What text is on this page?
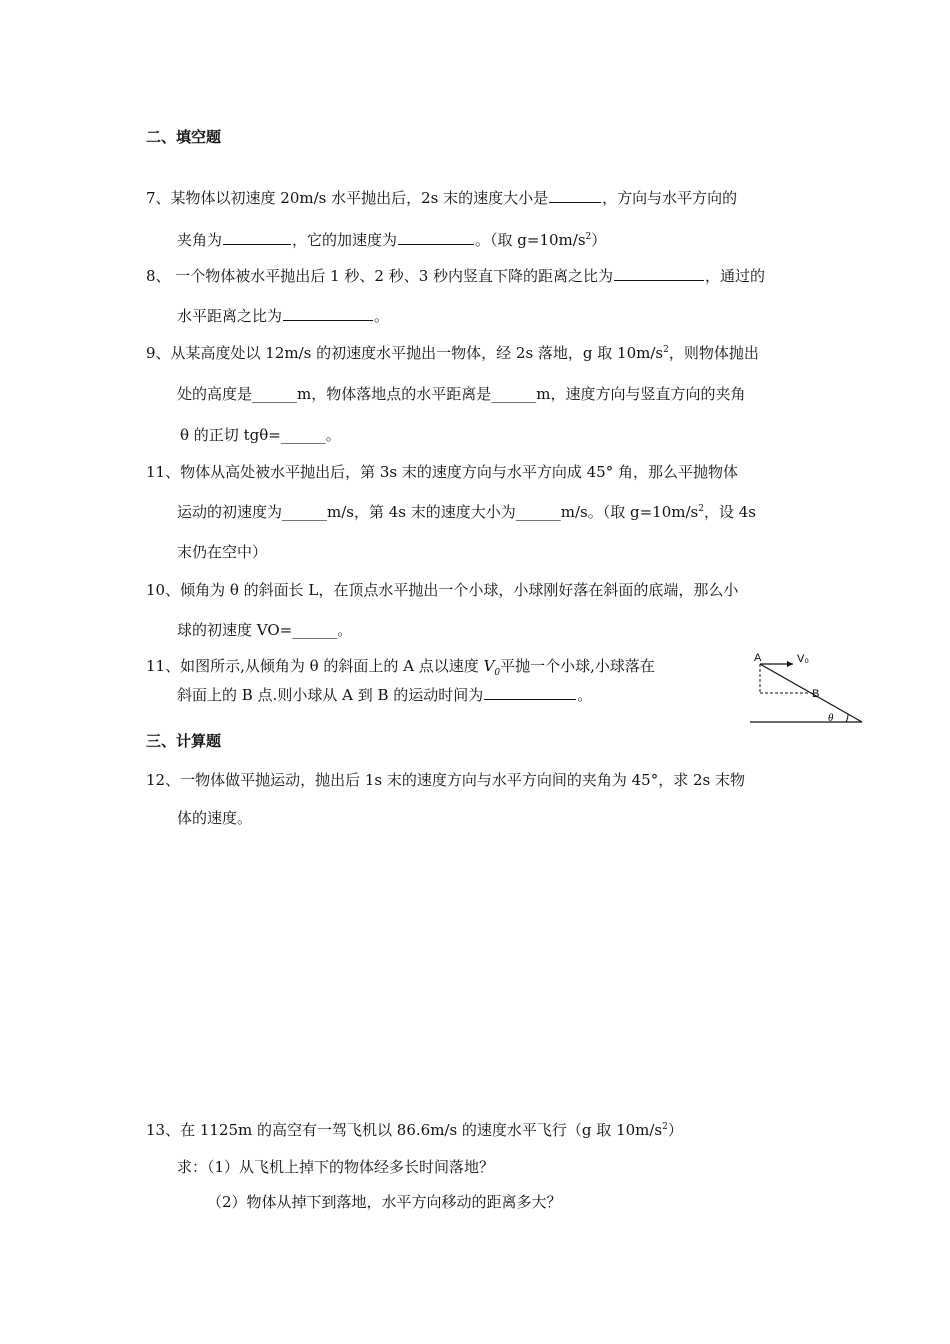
二、填空题
7、某物体以初速度 20m/s 水平抛出后，2s 末的速度大小是	，方向与水平方向的
夹角为	，它的加速度为	。（取 $g=10m/s^2$）
8、 一个物体被水平抛出后 1 秒、2 秒、3 秒内竖直下降的距离之比为	，通过的
水平距离之比为	。
9、从某高度处以 12m/s 的初速度水平抛出一物体，经 2s 落地，g 取 $10m/s^2$，则物体抛出
处的高度是______m，物体落地点的水平距离是______m，速度方向与竖直方向的夹角
θ 的正切 tgθ=______。
11、物体从高处被水平抛出后，第 3s 末的速度方向与水平方向成 45° 角，那么平抛物体
运动的初速度为______m/s，第 4s 末的速度大小为______m/s。（取 $g=10m/s^2$，设 4s
末仍在空中）
10、倾角为 θ 的斜面长 L，在顶点水平抛出一个小球，小球刚好落在斜面的底端，那么小
球的初速度 VO=______。
11、如图所示,从倾角为 θ 的斜面上的 A 点以速度 $V_0$平抛一个小球,小球落在
斜面上的 B 点.则小球从 A 到 B 的运动时间为	。
A	V₀
B
θ
三、计算题
12、一物体做平抛运动，抛出后 1s 末的速度方向与水平方向间的夹角为 45°，求 2s 末物
体的速度。
13、在 1125m 的高空有一驾飞机以 86.6m/s 的速度水平飞行（g 取 $10m/s^2$）
求：（1）从飞机上掉下的物体经多长时间落地？
（2）物体从掉下到落地，水平方向移动的距离多大？
